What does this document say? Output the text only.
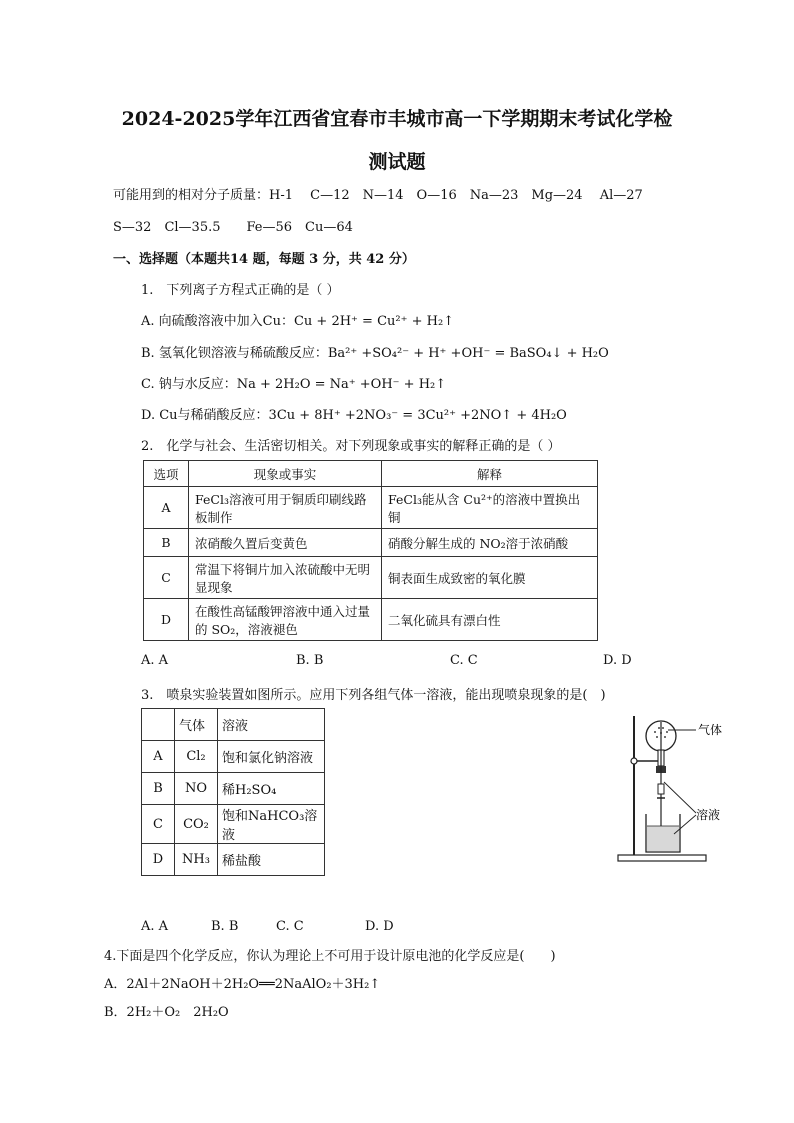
2024-2025学年江西省宜春市丰城市高一下学期期末考试化学检
测试题
可能用到的相对分子质量：H-1　 C—12　N—14　O—16　Na—23　Mg—24　 Al—27
S—32　Cl—35.5　　Fe—56　Cu—64
一、选择题（本题共14 题，每题 3 分，共 42 分）
1.　下列离子方程式正确的是（ ）
A. 向硫酸溶液中加入Cu：Cu + 2H⁺ = Cu²⁺ + H₂↑
B. 氢氧化钡溶液与稀硫酸反应：Ba²⁺ +SO₄²⁻ + H⁺ +OH⁻ = BaSO₄↓ + H₂O
C. 钠与水反应：Na + 2H₂O = Na⁺ +OH⁻ + H₂↑
D. Cu与稀硝酸反应：3Cu + 8H⁺ +2NO₃⁻ = 3Cu²⁺ +2NO↑ + 4H₂O
2.　化学与社会、生活密切相关。对下列现象或事实的解释正确的是（ ）
选项	现象或事实	解释
A	FeCl₃溶液可用于铜质印刷线路板制作	FeCl₃能从含 Cu²⁺的溶液中置换出铜
B	浓硝酸久置后变黄色	硝酸分解生成的 NO₂溶于浓硝酸
C	常温下将铜片加入浓硫酸中无明显现象	铜表面生成致密的氧化膜
D	在酸性高锰酸钾溶液中通入过量的 SO₂，溶液褪色	二氧化硫具有漂白性
A. A	B. B	C. C	D. D
3.　喷泉实验装置如图所示。应用下列各组气体一溶液，能出现喷泉现象的是(　)
	气体	溶液
A	Cl₂	饱和氯化钠溶液
B	NO	稀H₂SO₄
C	CO₂	饱和NaHCO₃溶液
D	NH₃	稀盐酸
气体
溶液
A. A	B. B	C. C	D. D
4.下面是四个化学反应，你认为理论上不可用于设计原电池的化学反应是(　　)
A．2Al＋2NaOH＋2H₂O══2NaAlO₂＋3H₂↑
B．2H₂＋O₂　2H₂O
